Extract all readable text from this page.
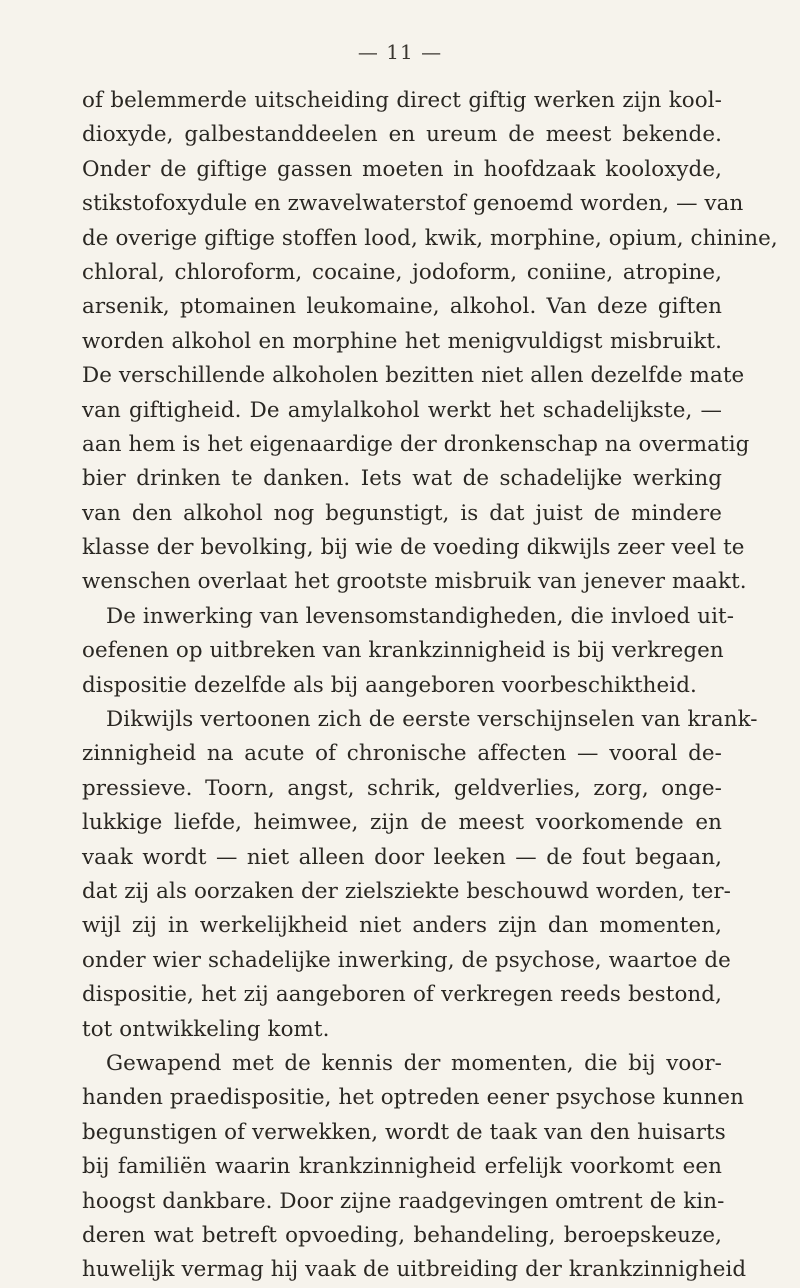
— 11 —
of belemmerde uitscheiding direct giftig werken zijn kool-
dioxyde, galbestanddeelen en ureum de meest bekende.
Onder de giftige gassen moeten in hoofdzaak kooloxyde,
stikstofoxydule en zwavelwaterstof genoemd worden, — van
de overige giftige stoffen lood, kwik, morphine, opium, chinine,
chloral, chloroform, cocaine, jodoform, coniine, atropine,
arsenik, ptomainen leukomaine, alkohol. Van deze giften
worden alkohol en morphine het menigvuldigst misbruikt.
De verschillende alkoholen bezitten niet allen dezelfde mate
van giftigheid. De amylalkohol werkt het schadelijkste, —
aan hem is het eigenaardige der dronkenschap na overmatig
bier drinken te danken. Iets wat de schadelijke werking
van den alkohol nog begunstigt, is dat juist de mindere
klasse der bevolking, bij wie de voeding dikwijls zeer veel te
wenschen overlaat het grootste misbruik van jenever maakt.
De inwerking van levensomstandigheden, die invloed uit-
oefenen op uitbreken van krankzinnigheid is bij verkregen
dispositie dezelfde als bij aangeboren voorbeschiktheid.
Dikwijls vertoonen zich de eerste verschijnselen van krank-
zinnigheid na acute of chronische affecten — vooral de-
pressieve. Toorn, angst, schrik, geldverlies, zorg, onge-
lukkige liefde, heimwee, zijn de meest voorkomende en
vaak wordt — niet alleen door leeken — de fout begaan,
dat zij als oorzaken der zielsziekte beschouwd worden, ter-
wijl zij in werkelijkheid niet anders zijn dan momenten,
onder wier schadelijke inwerking, de psychose, waartoe de
dispositie, het zij aangeboren of verkregen reeds bestond,
tot ontwikkeling komt.
Gewapend met de kennis der momenten, die bij voor-
handen praedispositie, het optreden eener psychose kunnen
begunstigen of verwekken, wordt de taak van den huisarts
bij familiën waarin krankzinnigheid erfelijk voorkomt een
hoogst dankbare. Door zijne raadgevingen omtrent de kin-
deren wat betreft opvoeding, behandeling, beroepskeuze,
huwelijk vermag hij vaak de uitbreiding der krankzinnigheid
